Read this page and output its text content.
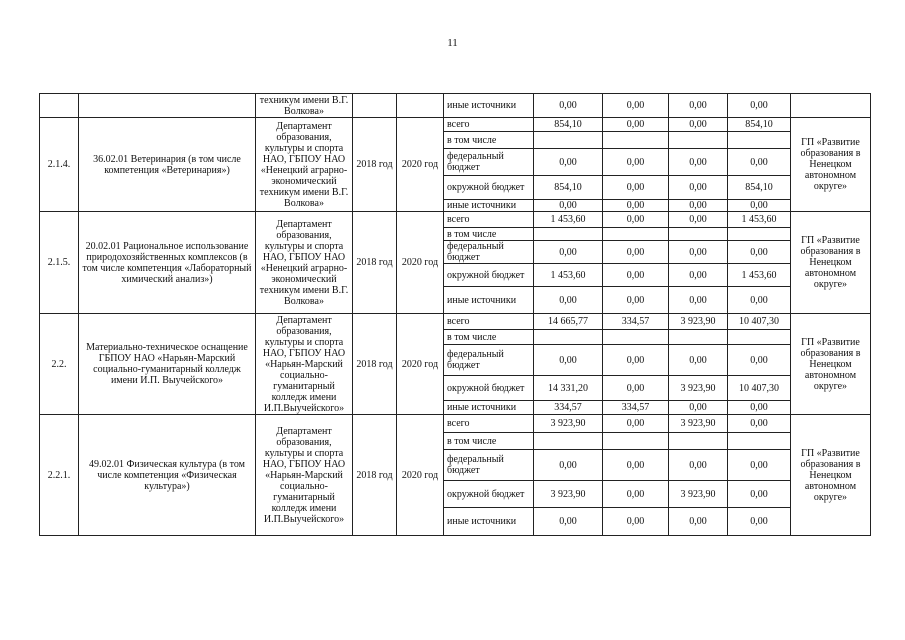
11
		техникум имени В.Г. Волкова»			иные источники	0,00	0,00	0,00	0,00	
2.1.4.	36.02.01 Ветеринария (в том числе компетенция «Ветеринария»)	Департамент образования, культуры и спорта НАО, ГБПОУ НАО «Ненецкий аграрно-экономический техникум имени В.Г. Волкова»	2018 год	2020 год	всего	854,10	0,00	0,00	854,10	ГП «Развитие образования в Ненецком автономном округе»
					в том числе					
					федеральный бюджет	0,00	0,00	0,00	0,00	
					окружной бюджет	854,10	0,00	0,00	854,10	
					иные источники	0,00	0,00	0,00	0,00	
2.1.5.	20.02.01 Рациональное использование природохозяйственных комплексов (в том числе компетенция «Лабораторный химический анализ»)	Департамент образования, культуры и спорта НАО, ГБПОУ НАО «Ненецкий аграрно-экономический техникум имени В.Г. Волкова»	2018 год	2020 год	всего	1 453,60	0,00	0,00	1 453,60	ГП «Развитие образования в Ненецком автономном округе»
					в том числе					
					федеральный бюджет	0,00	0,00	0,00	0,00	
					окружной бюджет	1 453,60	0,00	0,00	1 453,60	
					иные источники	0,00	0,00	0,00	0,00	
2.2.	Материально-техническое оснащение ГБПОУ НАО «Нарьян-Марский социально-гуманитарный колледж имени И.П. Выучейского»	Департамент образования, культуры и спорта НАО, ГБПОУ НАО «Нарьян-Марский социально-гуманитарный колледж имени И.П.Выучейского»	2018 год	2020 год	всего	14 665,77	334,57	3 923,90	10 407,30	ГП «Развитие образования в Ненецком автономном округе»
					в том числе					
					федеральный бюджет	0,00	0,00	0,00	0,00	
					окружной бюджет	14 331,20	0,00	3 923,90	10 407,30	
					иные источники	334,57	334,57	0,00	0,00	
2.2.1.	49.02.01 Физическая культура (в том числе компетенция «Физическая культура»)	Департамент образования, культуры и спорта НАО, ГБПОУ НАО «Нарьян-Марский социально-гуманитарный колледж имени И.П.Выучейского»	2018 год	2020 год	всего	3 923,90	0,00	3 923,90	0,00	ГП «Развитие образования в Ненецком автономном округе»
					в том числе					
					федеральный бюджет	0,00	0,00	0,00	0,00	
					окружной бюджет	3 923,90	0,00	3 923,90	0,00	
					иные источники	0,00	0,00	0,00	0,00	
